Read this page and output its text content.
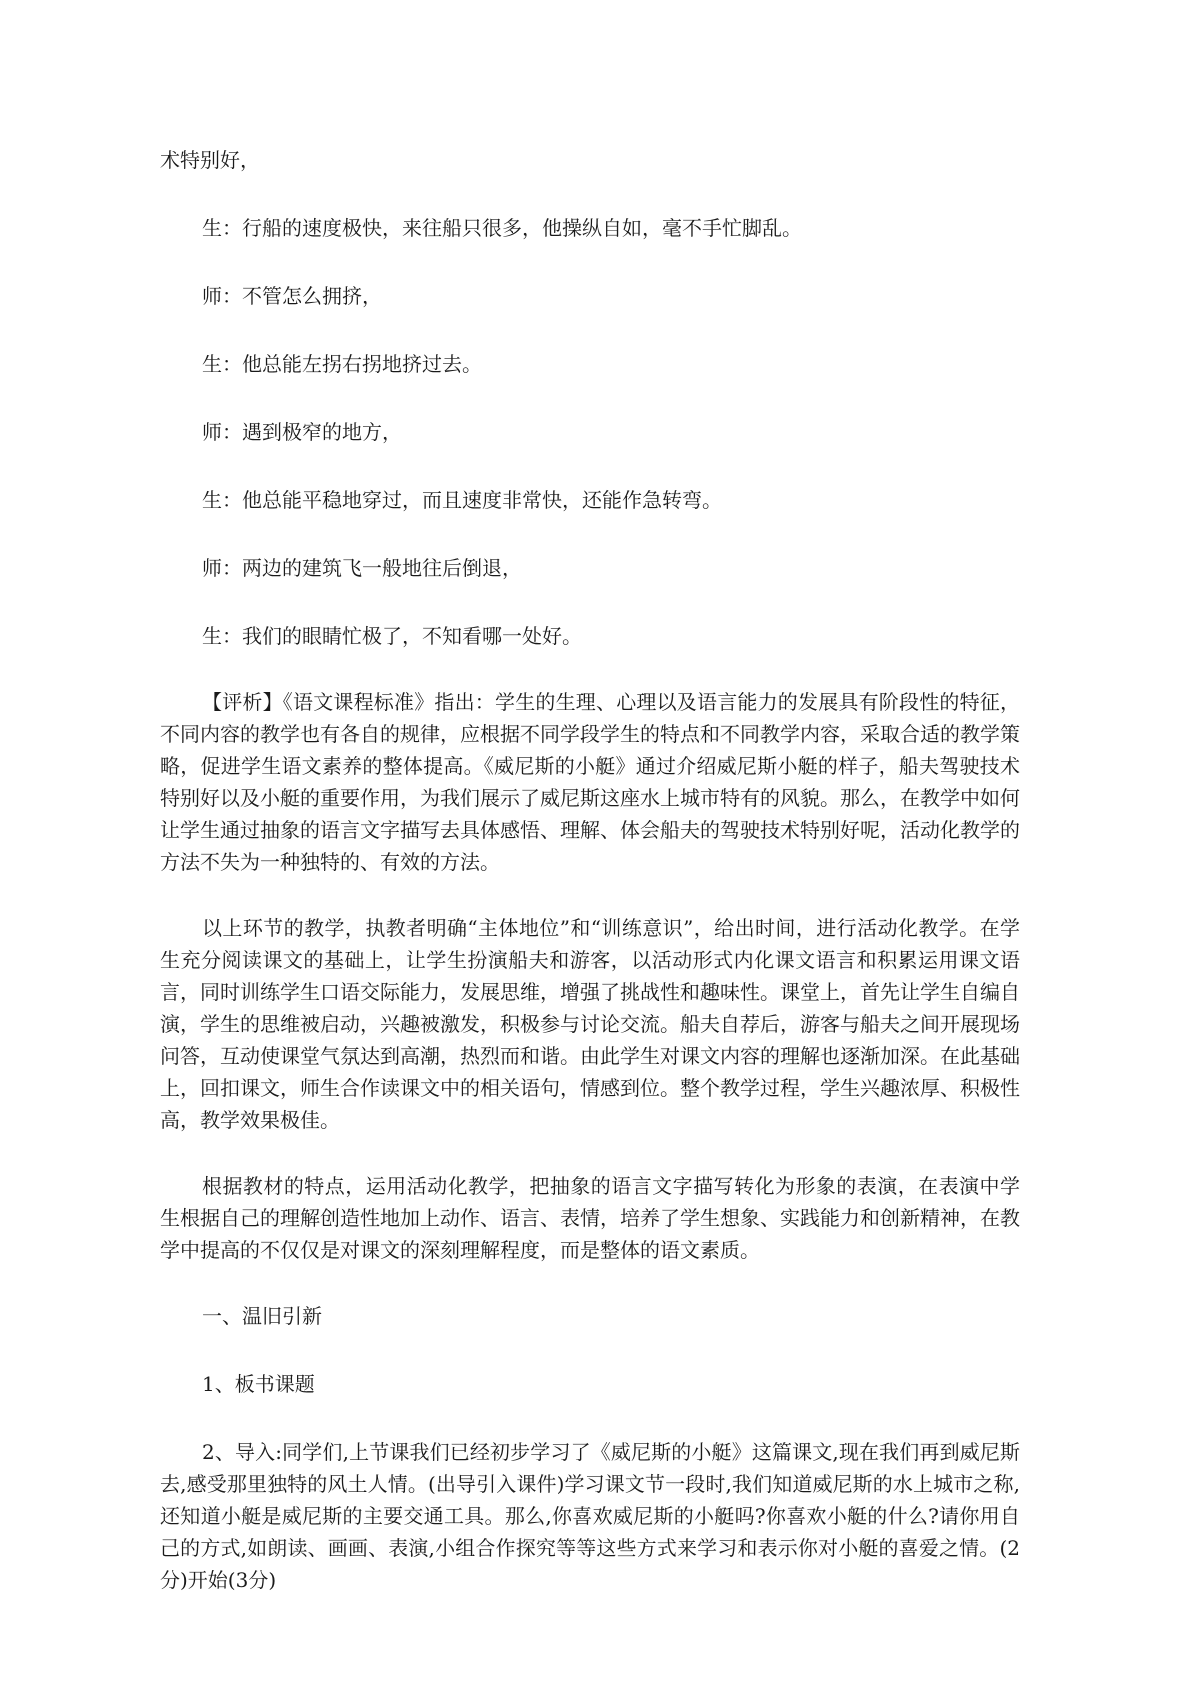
术特别好，

生：行船的速度极快，来往船只很多，他操纵自如，毫不手忙脚乱。

师：不管怎么拥挤，

生：他总能左拐右拐地挤过去。

师：遇到极窄的地方，

生：他总能平稳地穿过，而且速度非常快，还能作急转弯。

师：两边的建筑飞一般地往后倒退，

生：我们的眼睛忙极了，不知看哪一处好。

【评析】《语文课程标准》指出：学生的生理、心理以及语言能力的发展具有阶段性的特征，不同内容的教学也有各自的规律，应根据不同学段学生的特点和不同教学内容，采取合适的教学策略，促进学生语文素养的整体提高。《威尼斯的小艇》通过介绍威尼斯小艇的样子，船夫驾驶技术特别好以及小艇的重要作用，为我们展示了威尼斯这座水上城市特有的风貌。那么，在教学中如何让学生通过抽象的语言文字描写去具体感悟、理解、体会船夫的驾驶技术特别好呢，活动化教学的方法不失为一种独特的、有效的方法。

以上环节的教学，执教者明确“主体地位”和“训练意识”，给出时间，进行活动化教学。在学生充分阅读课文的基础上，让学生扮演船夫和游客，以活动形式内化课文语言和积累运用课文语言，同时训练学生口语交际能力，发展思维，增强了挑战性和趣味性。课堂上，首先让学生自编自演，学生的思维被启动，兴趣被激发，积极参与讨论交流。船夫自荐后，游客与船夫之间开展现场问答，互动使课堂气氛达到高潮，热烈而和谐。由此学生对课文内容的理解也逐渐加深。在此基础上，回扣课文，师生合作读课文中的相关语句，情感到位。整个教学过程，学生兴趣浓厚、积极性高，教学效果极佳。

根据教材的特点，运用活动化教学，把抽象的语言文字描写转化为形象的表演，在表演中学生根据自己的理解创造性地加上动作、语言、表情，培养了学生想象、实践能力和创新精神，在教学中提高的不仅仅是对课文的深刻理解程度，而是整体的语文素质。

一、温旧引新

1、板书课题

2、导入:同学们,上节课我们已经初步学习了《威尼斯的小艇》这篇课文,现在我们再到威尼斯去,感受那里独特的风土人情。(出导引入课件)学习课文节一段时,我们知道威尼斯的水上城市之称,还知道小艇是威尼斯的主要交通工具。那么,你喜欢威尼斯的小艇吗?你喜欢小艇的什么?请你用自己的方式,如朗读、画画、表演,小组合作探究等等这些方式来学习和表示你对小艇的喜爱之情。(2分)开始(3分)
